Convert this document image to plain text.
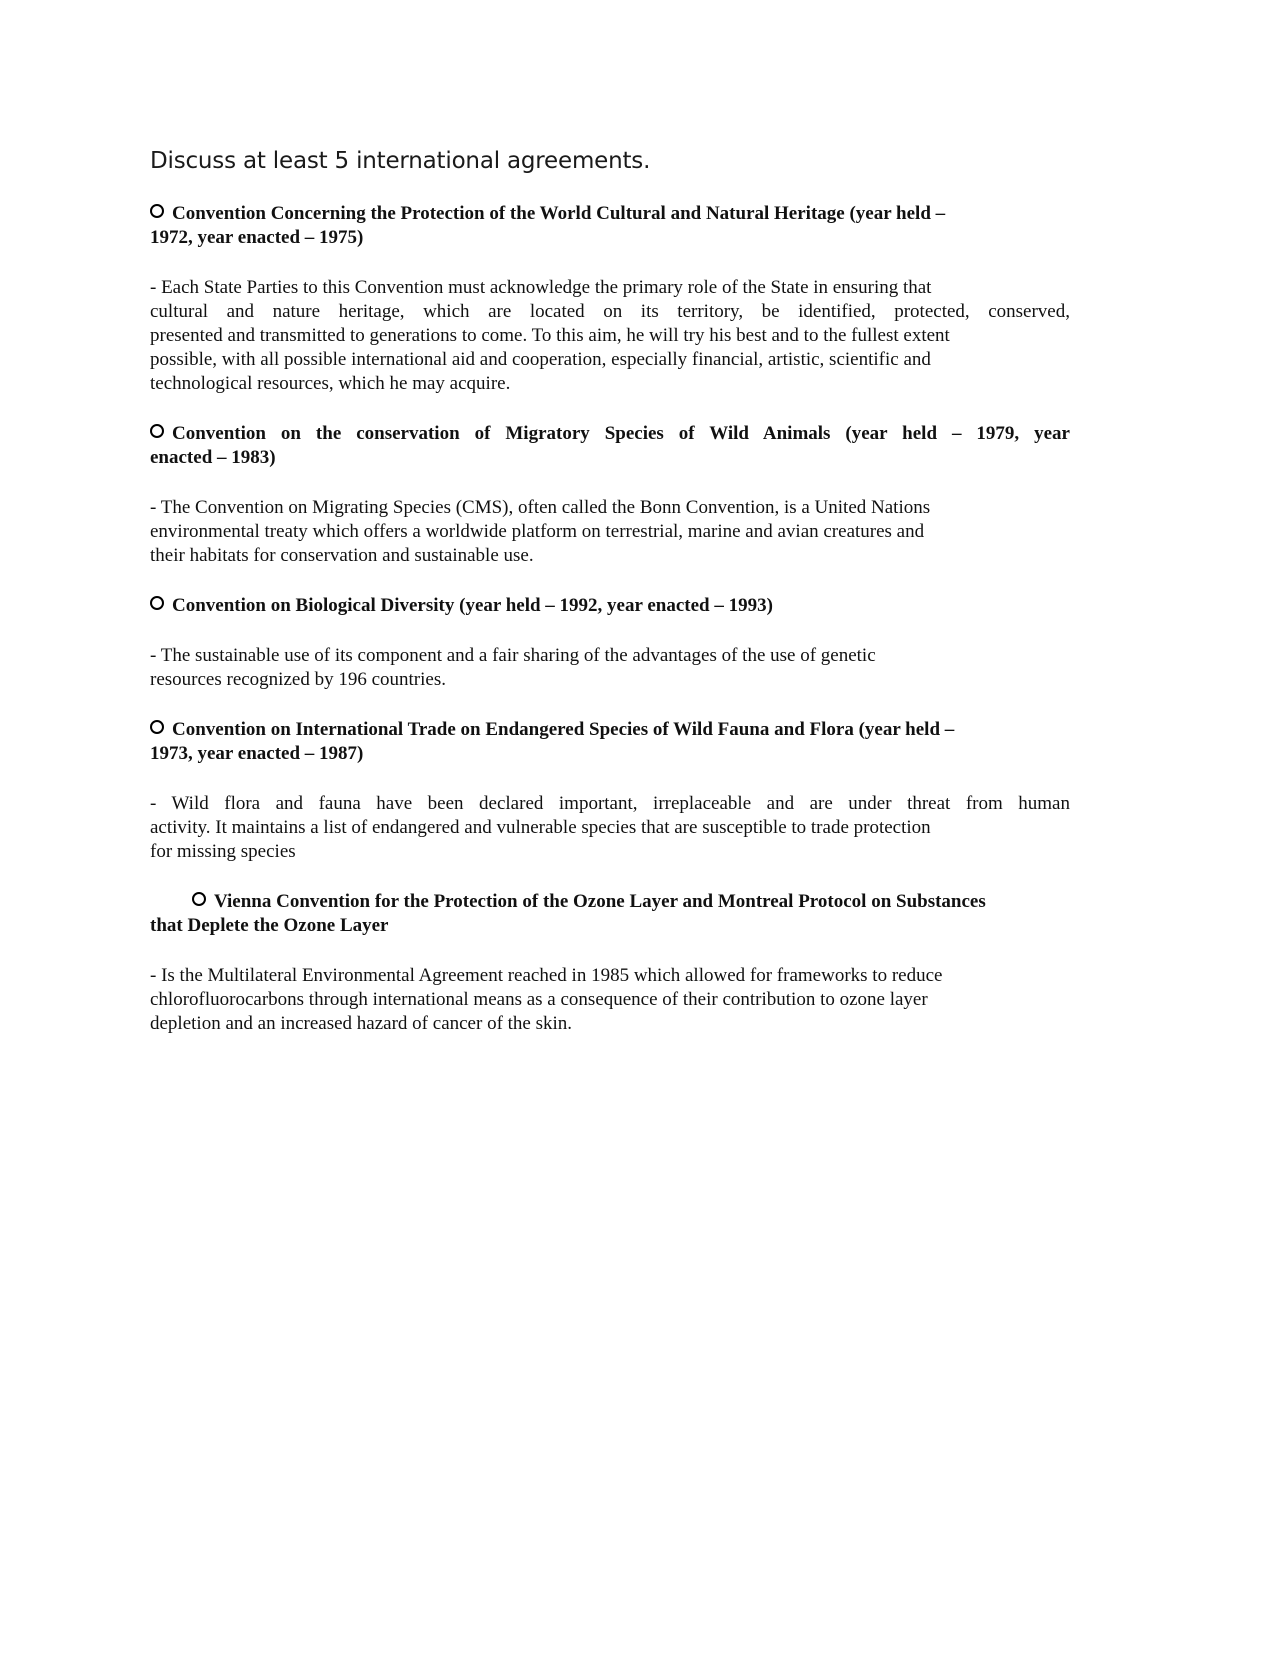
Discuss at least 5 international agreements.
Convention Concerning the Protection of the World Cultural and Natural Heritage (year held –
1972, year enacted – 1975)
- Each State Parties to this Convention must acknowledge the primary role of the State in ensuring that
cultural and nature heritage, which are located on its territory, be identified, protected, conserved,
presented and transmitted to generations to come. To this aim, he will try his best and to the fullest extent
possible, with all possible international aid and cooperation, especially financial, artistic, scientific and
technological resources, which he may acquire.
Convention on the conservation of Migratory Species of Wild Animals (year held – 1979, year
enacted – 1983)
- The Convention on Migrating Species (CMS), often called the Bonn Convention, is a United Nations
environmental treaty which offers a worldwide platform on terrestrial, marine and avian creatures and
their habitats for conservation and sustainable use.
Convention on Biological Diversity (year held – 1992, year enacted – 1993)
- The sustainable use of its component and a fair sharing of the advantages of the use of genetic
resources recognized by 196 countries.
Convention on International Trade on Endangered Species of Wild Fauna and Flora (year held –
1973, year enacted – 1987)
- Wild flora and fauna have been declared important, irreplaceable and are under threat from human
activity. It maintains a list of endangered and vulnerable species that are susceptible to trade protection
for missing species
Vienna Convention for the Protection of the Ozone Layer and Montreal Protocol on Substances
that Deplete the Ozone Layer
- Is the Multilateral Environmental Agreement reached in 1985 which allowed for frameworks to reduce
chlorofluorocarbons through international means as a consequence of their contribution to ozone layer
depletion and an increased hazard of cancer of the skin.
